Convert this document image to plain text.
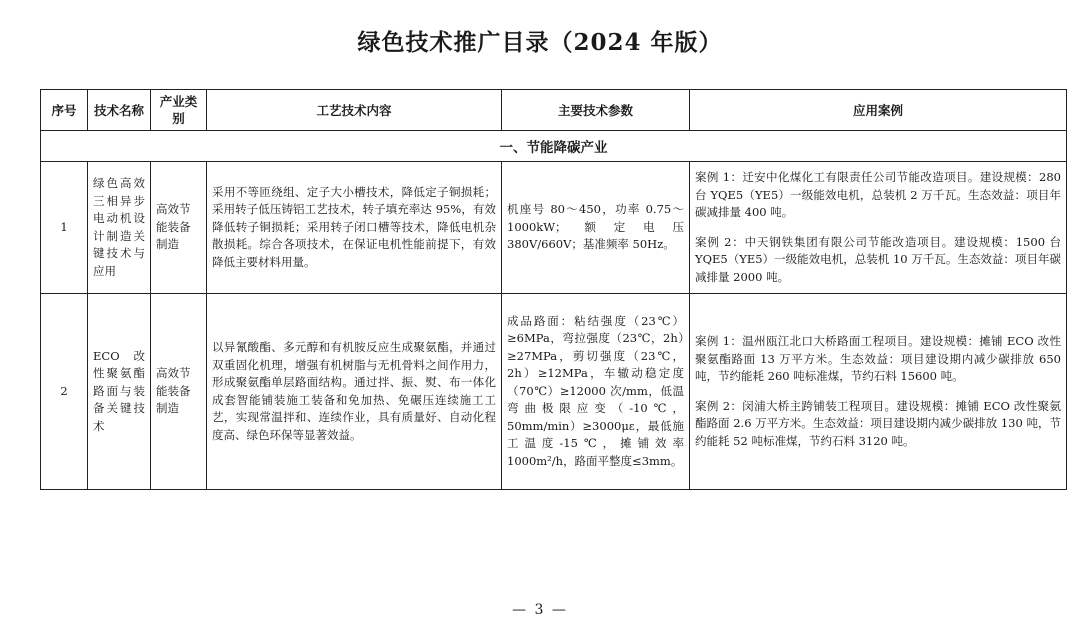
绿色技术推广目录（2024 年版）
序号	技术名称	产业类别	工艺技术内容	主要技术参数	应用案例
一、节能降碳产业					
1	绿色高效三相异步电动机设计制造关键技术与应用	高效节能装备制造	采用不等匝绕组、定子大小槽技术，降低定子铜损耗；采用转子低压铸铝工艺技术，转子填充率达 95%，有效降低转子铜损耗；采用转子闭口槽等技术，降低电机杂散损耗。综合各项技术，在保证电机性能前提下，有效降低主要材料用量。	机座号 80～450，功率 0.75～1000kW；额定电压 380V/660V；基准频率 50Hz。	案例 1：迁安中化煤化工有限责任公司节能改造项目。建设规模：280 台 YQE5（YE5）一级能效电机，总装机 2 万千瓦。生态效益：项目年碳减排量 400 吨。
案例 2：中天钢铁集团有限公司节能改造项目。建设规模：1500 台 YQE5（YE5）一级能效电机，总装机 10 万千瓦。生态效益：项目年碳减排量 2000 吨。

2	ECO 改性聚氨酯路面与装备关键技术	高效节能装备制造	以异氰酸酯、多元醇和有机胺反应生成聚氨酯，并通过双重固化机理，增强有机树脂与无机骨料之间作用力，形成聚氨酯单层路面结构。通过拌、振、熨、布一体化成套智能铺装施工装备和免加热、免碾压连续施工工艺，实现常温拌和、连续作业，具有质量好、自动化程度高、绿色环保等显著效益。	成品路面：粘结强度（23℃）≥6MPa，弯拉强度（23℃，2h）≥27MPa，剪切强度（23℃，2h）≥12MPa，车辙动稳定度（70℃）≥12000 次/mm，低温弯曲极限应变（-10℃，50mm/min）≥3000με，最低施工温度-15℃，摊铺效率 1000m²/h，路面平整度≤3mm。	案例 1：温州瓯江北口大桥路面工程项目。建设规模：摊铺 ECO 改性聚氨酯路面 13 万平方米。生态效益：项目建设期内减少碳排放 650 吨，节约能耗 260 吨标准煤，节约石料 15600 吨。
案例 2：闵浦大桥主跨铺装工程项目。建设规模：摊铺 ECO 改性聚氨酯路面 2.6 万平方米。生态效益：项目建设期内减少碳排放 130 吨，节约能耗 52 吨标准煤，节约石料 3120 吨。
— 3 —
